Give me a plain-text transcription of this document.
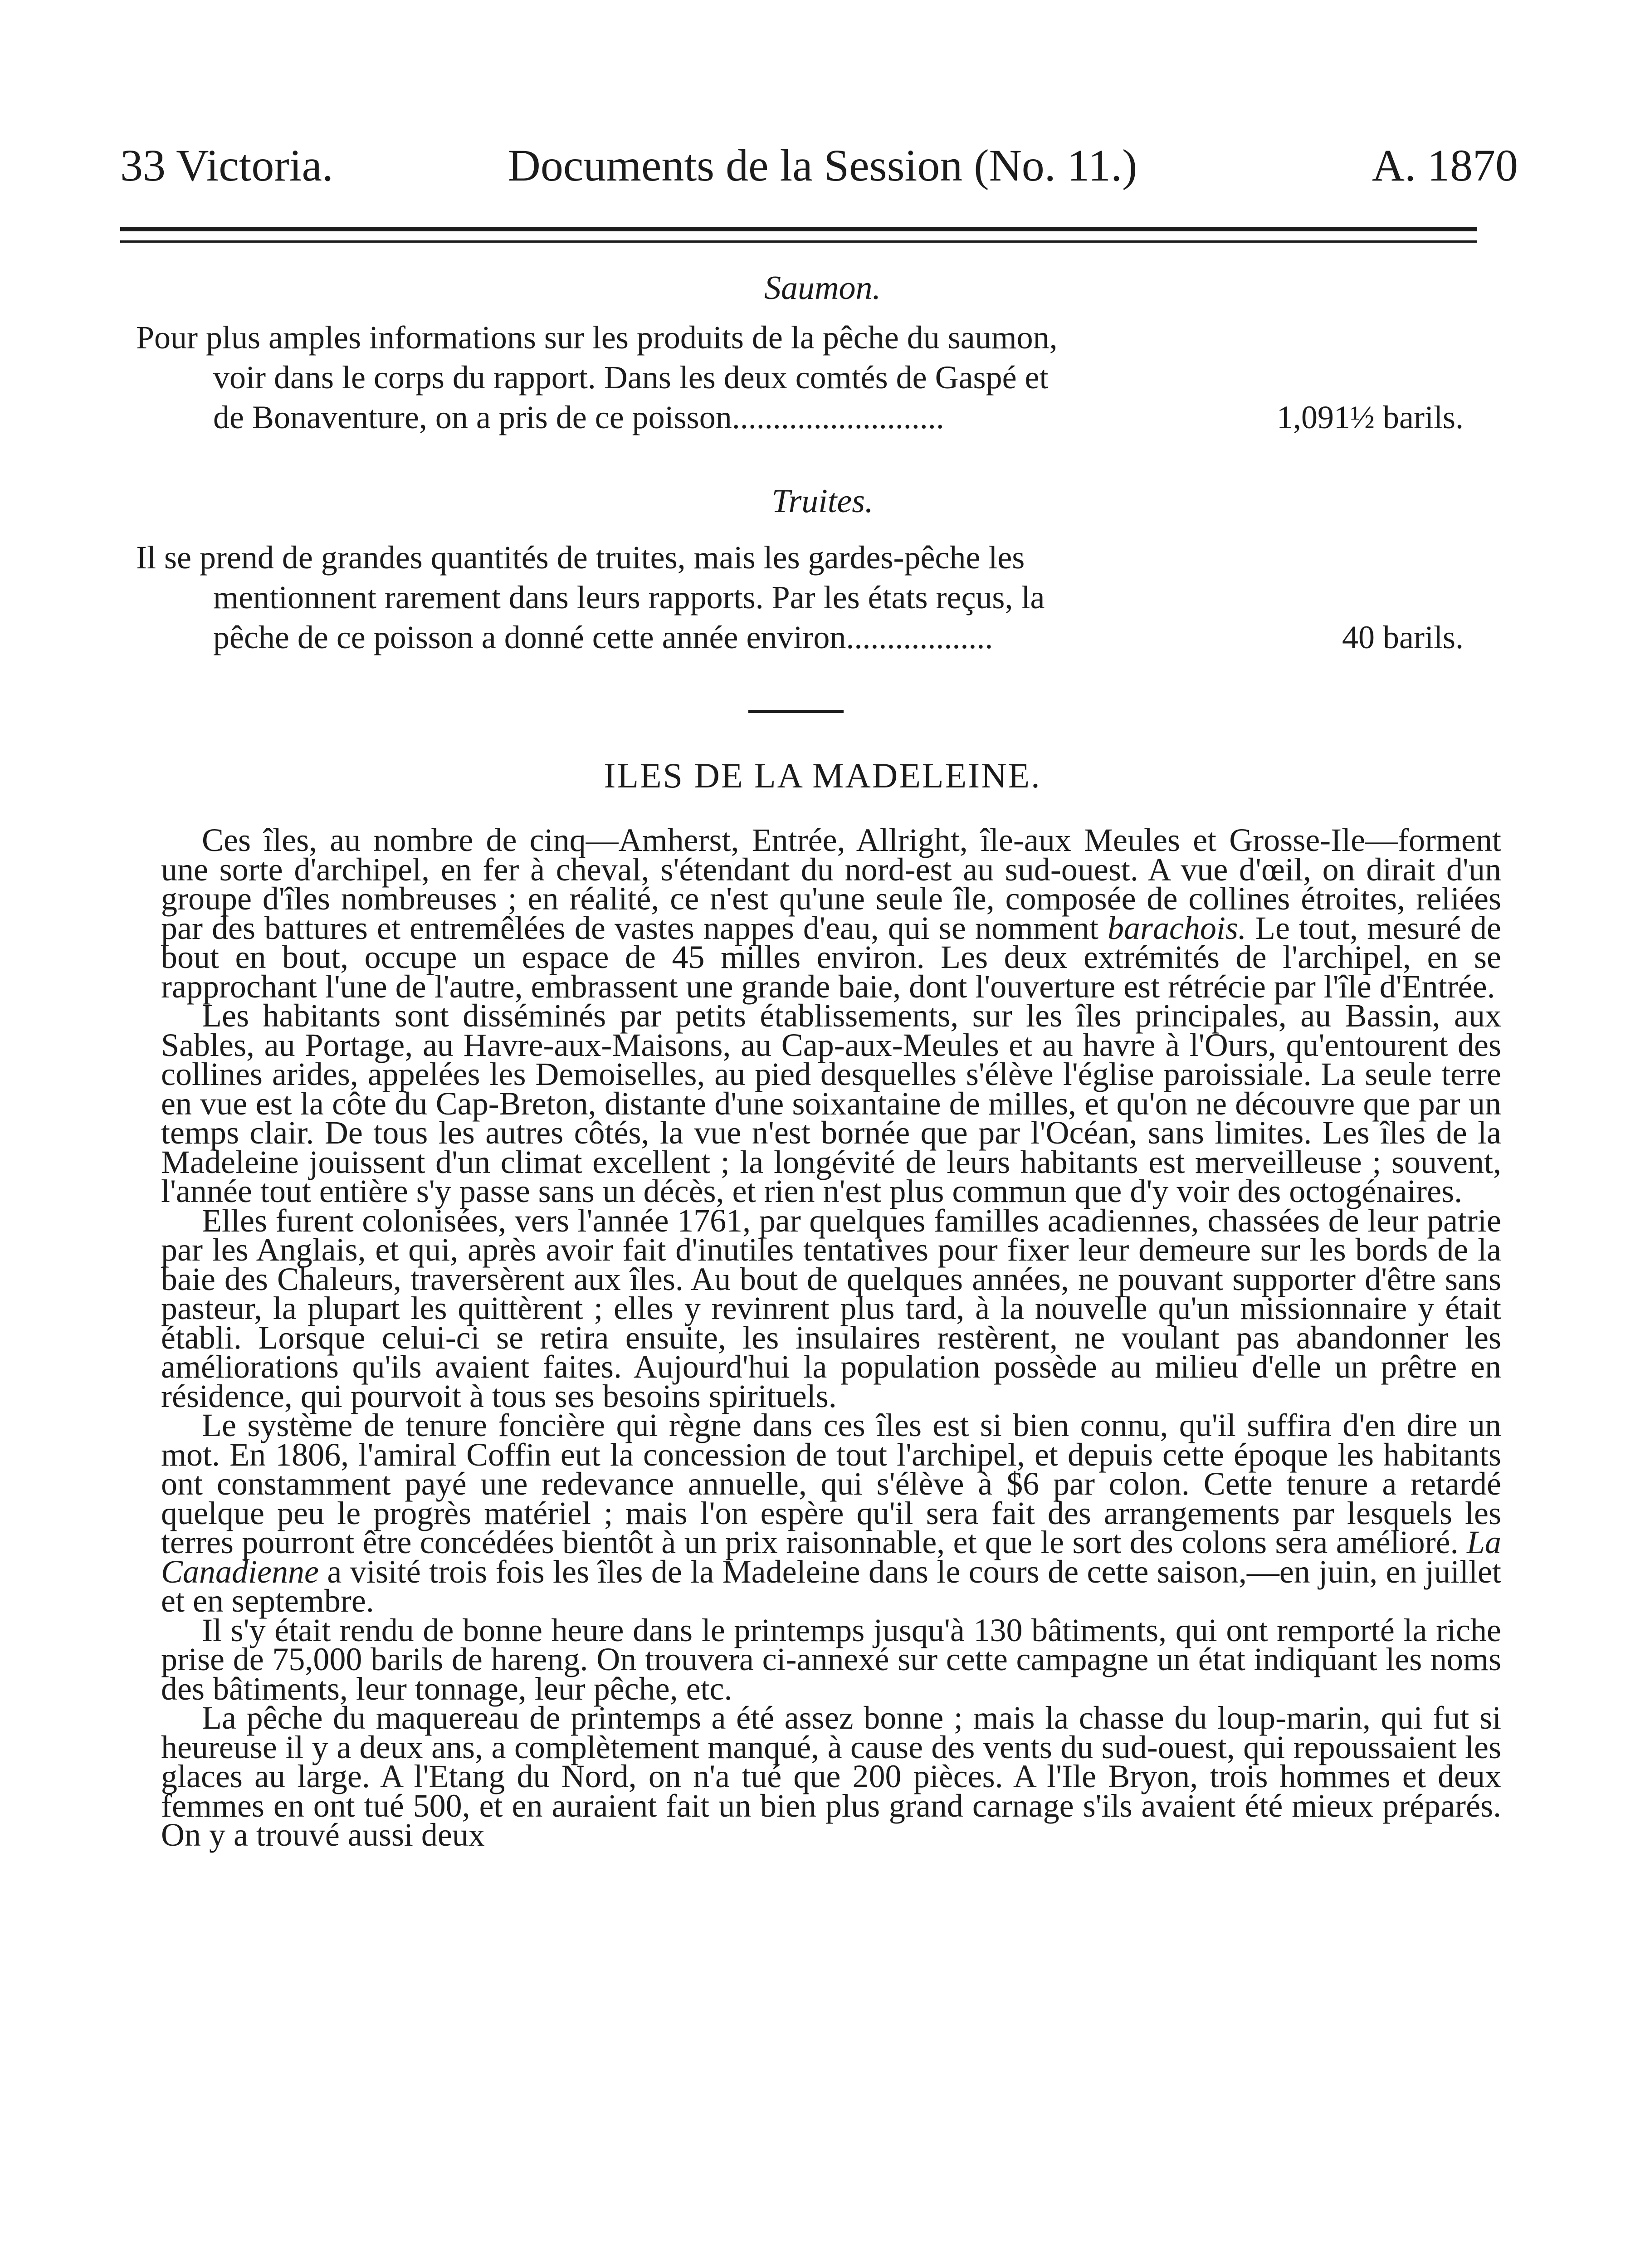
Documents de la Session (No. 11.)
33 Victoria.	A. 1870
Saumon.
Pour plus amples informations sur les produits de la pêche du saumon,
voir dans le corps du rapport. Dans les deux comtés de Gaspé et
de Bonaventure, on a pris de ce poisson..........................	1,091½ barils.
Truites.
Il se prend de grandes quantités de truites, mais les gardes-pêche les
mentionnent rarement dans leurs rapports. Par les états reçus, la
pêche de ce poisson a donné cette année environ..................	40 barils.
ILES DE LA MADELEINE.

Ces îles, au nombre de cinq—Amherst, Entrée, Allright, île-aux Meules et Grosse-Ile—forment une sorte d'archipel, en fer à cheval, s'étendant du nord-est au sud-ouest. A vue d'œil, on dirait d'un groupe d'îles nombreuses ; en réalité, ce n'est qu'une seule île, composée de collines étroites, reliées par des battures et entremêlées de vastes nappes d'eau, qui se nomment barachois. Le tout, mesuré de bout en bout, occupe un espace de 45 milles environ. Les deux extrémités de l'archipel, en se rapprochant l'une de l'autre, embrassent une grande baie, dont l'ouverture est rétrécie par l'île d'Entrée.

Les habitants sont disséminés par petits établissements, sur les îles principales, au Bassin, aux Sables, au Portage, au Havre-aux-Maisons, au Cap-aux-Meules et au havre à l'Ours, qu'entourent des collines arides, appelées les Demoiselles, au pied desquelles s'élève l'église paroissiale. La seule terre en vue est la côte du Cap-Breton, distante d'une soixantaine de milles, et qu'on ne découvre que par un temps clair. De tous les autres côtés, la vue n'est bornée que par l'Océan, sans limites. Les îles de la Madeleine jouissent d'un climat excellent ; la longévité de leurs habitants est merveilleuse ; souvent, l'année tout entière s'y passe sans un décès, et rien n'est plus commun que d'y voir des octogénaires.

Elles furent colonisées, vers l'année 1761, par quelques familles acadiennes, chassées de leur patrie par les Anglais, et qui, après avoir fait d'inutiles tentatives pour fixer leur demeure sur les bords de la baie des Chaleurs, traversèrent aux îles. Au bout de quelques années, ne pouvant supporter d'être sans pasteur, la plupart les quittèrent ; elles y revinrent plus tard, à la nouvelle qu'un missionnaire y était établi. Lorsque celui-ci se retira ensuite, les insulaires restèrent, ne voulant pas abandonner les améliorations qu'ils avaient faites. Aujourd'hui la population possède au milieu d'elle un prêtre en résidence, qui pourvoit à tous ses besoins spirituels.

Le système de tenure foncière qui règne dans ces îles est si bien connu, qu'il suffira d'en dire un mot. En 1806, l'amiral Coffin eut la concession de tout l'archipel, et depuis cette époque les habitants ont constamment payé une redevance annuelle, qui s'élève à $6 par colon. Cette tenure a retardé quelque peu le progrès matériel ; mais l'on espère qu'il sera fait des arrangements par lesquels les terres pourront être concédées bientôt à un prix raisonnable, et que le sort des colons sera amélioré. La Canadienne a visité trois fois les îles de la Madeleine dans le cours de cette saison,—en juin, en juillet et en septembre.

Il s'y était rendu de bonne heure dans le printemps jusqu'à 130 bâtiments, qui ont remporté la riche prise de 75,000 barils de hareng. On trouvera ci-annexé sur cette campagne un état indiquant les noms des bâtiments, leur tonnage, leur pêche, etc.

La pêche du maquereau de printemps a été assez bonne ; mais la chasse du loup-marin, qui fut si heureuse il y a deux ans, a complètement manqué, à cause des vents du sud-ouest, qui repoussaient les glaces au large. A l'Etang du Nord, on n'a tué que 200 pièces. A l'Ile Bryon, trois hommes et deux femmes en ont tué 500, et en auraient fait un bien plus grand carnage s'ils avaient été mieux préparés. On y a trouvé aussi deux
